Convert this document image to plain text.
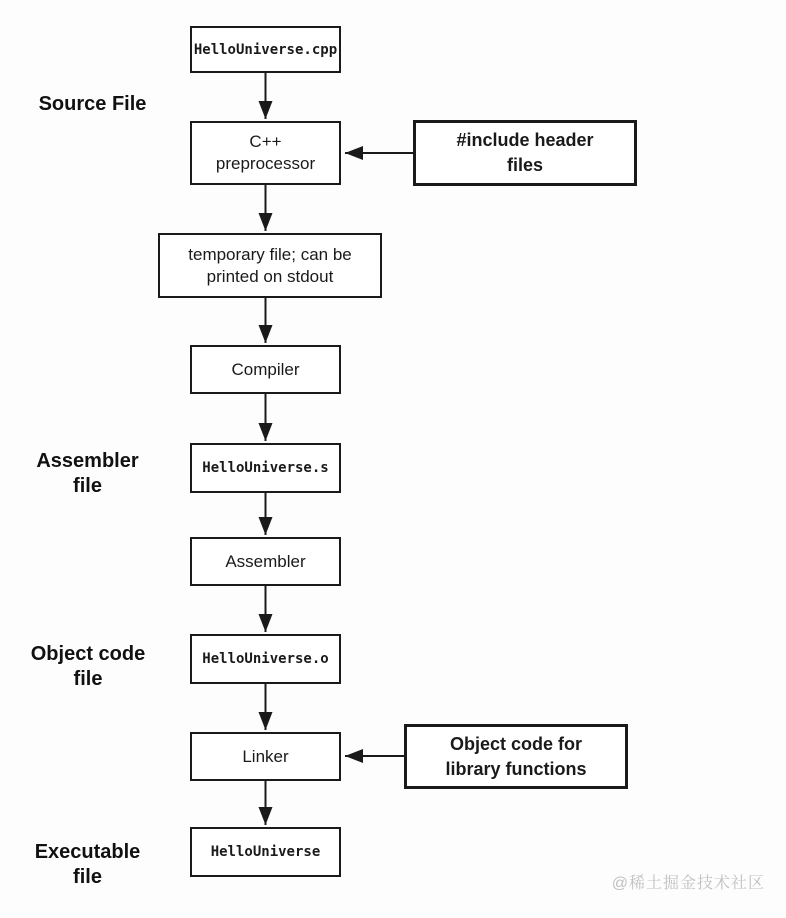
HelloUniverse.cpp
C++
preprocessor
#include header
files
temporary file; can be
printed on stdout
Compiler
HelloUniverse.s
Assembler
HelloUniverse.o
Linker
Object code for
library functions
HelloUniverse
Source File
Assembler
file
Object code
file
Executable
file	@稀土掘金技术社区
